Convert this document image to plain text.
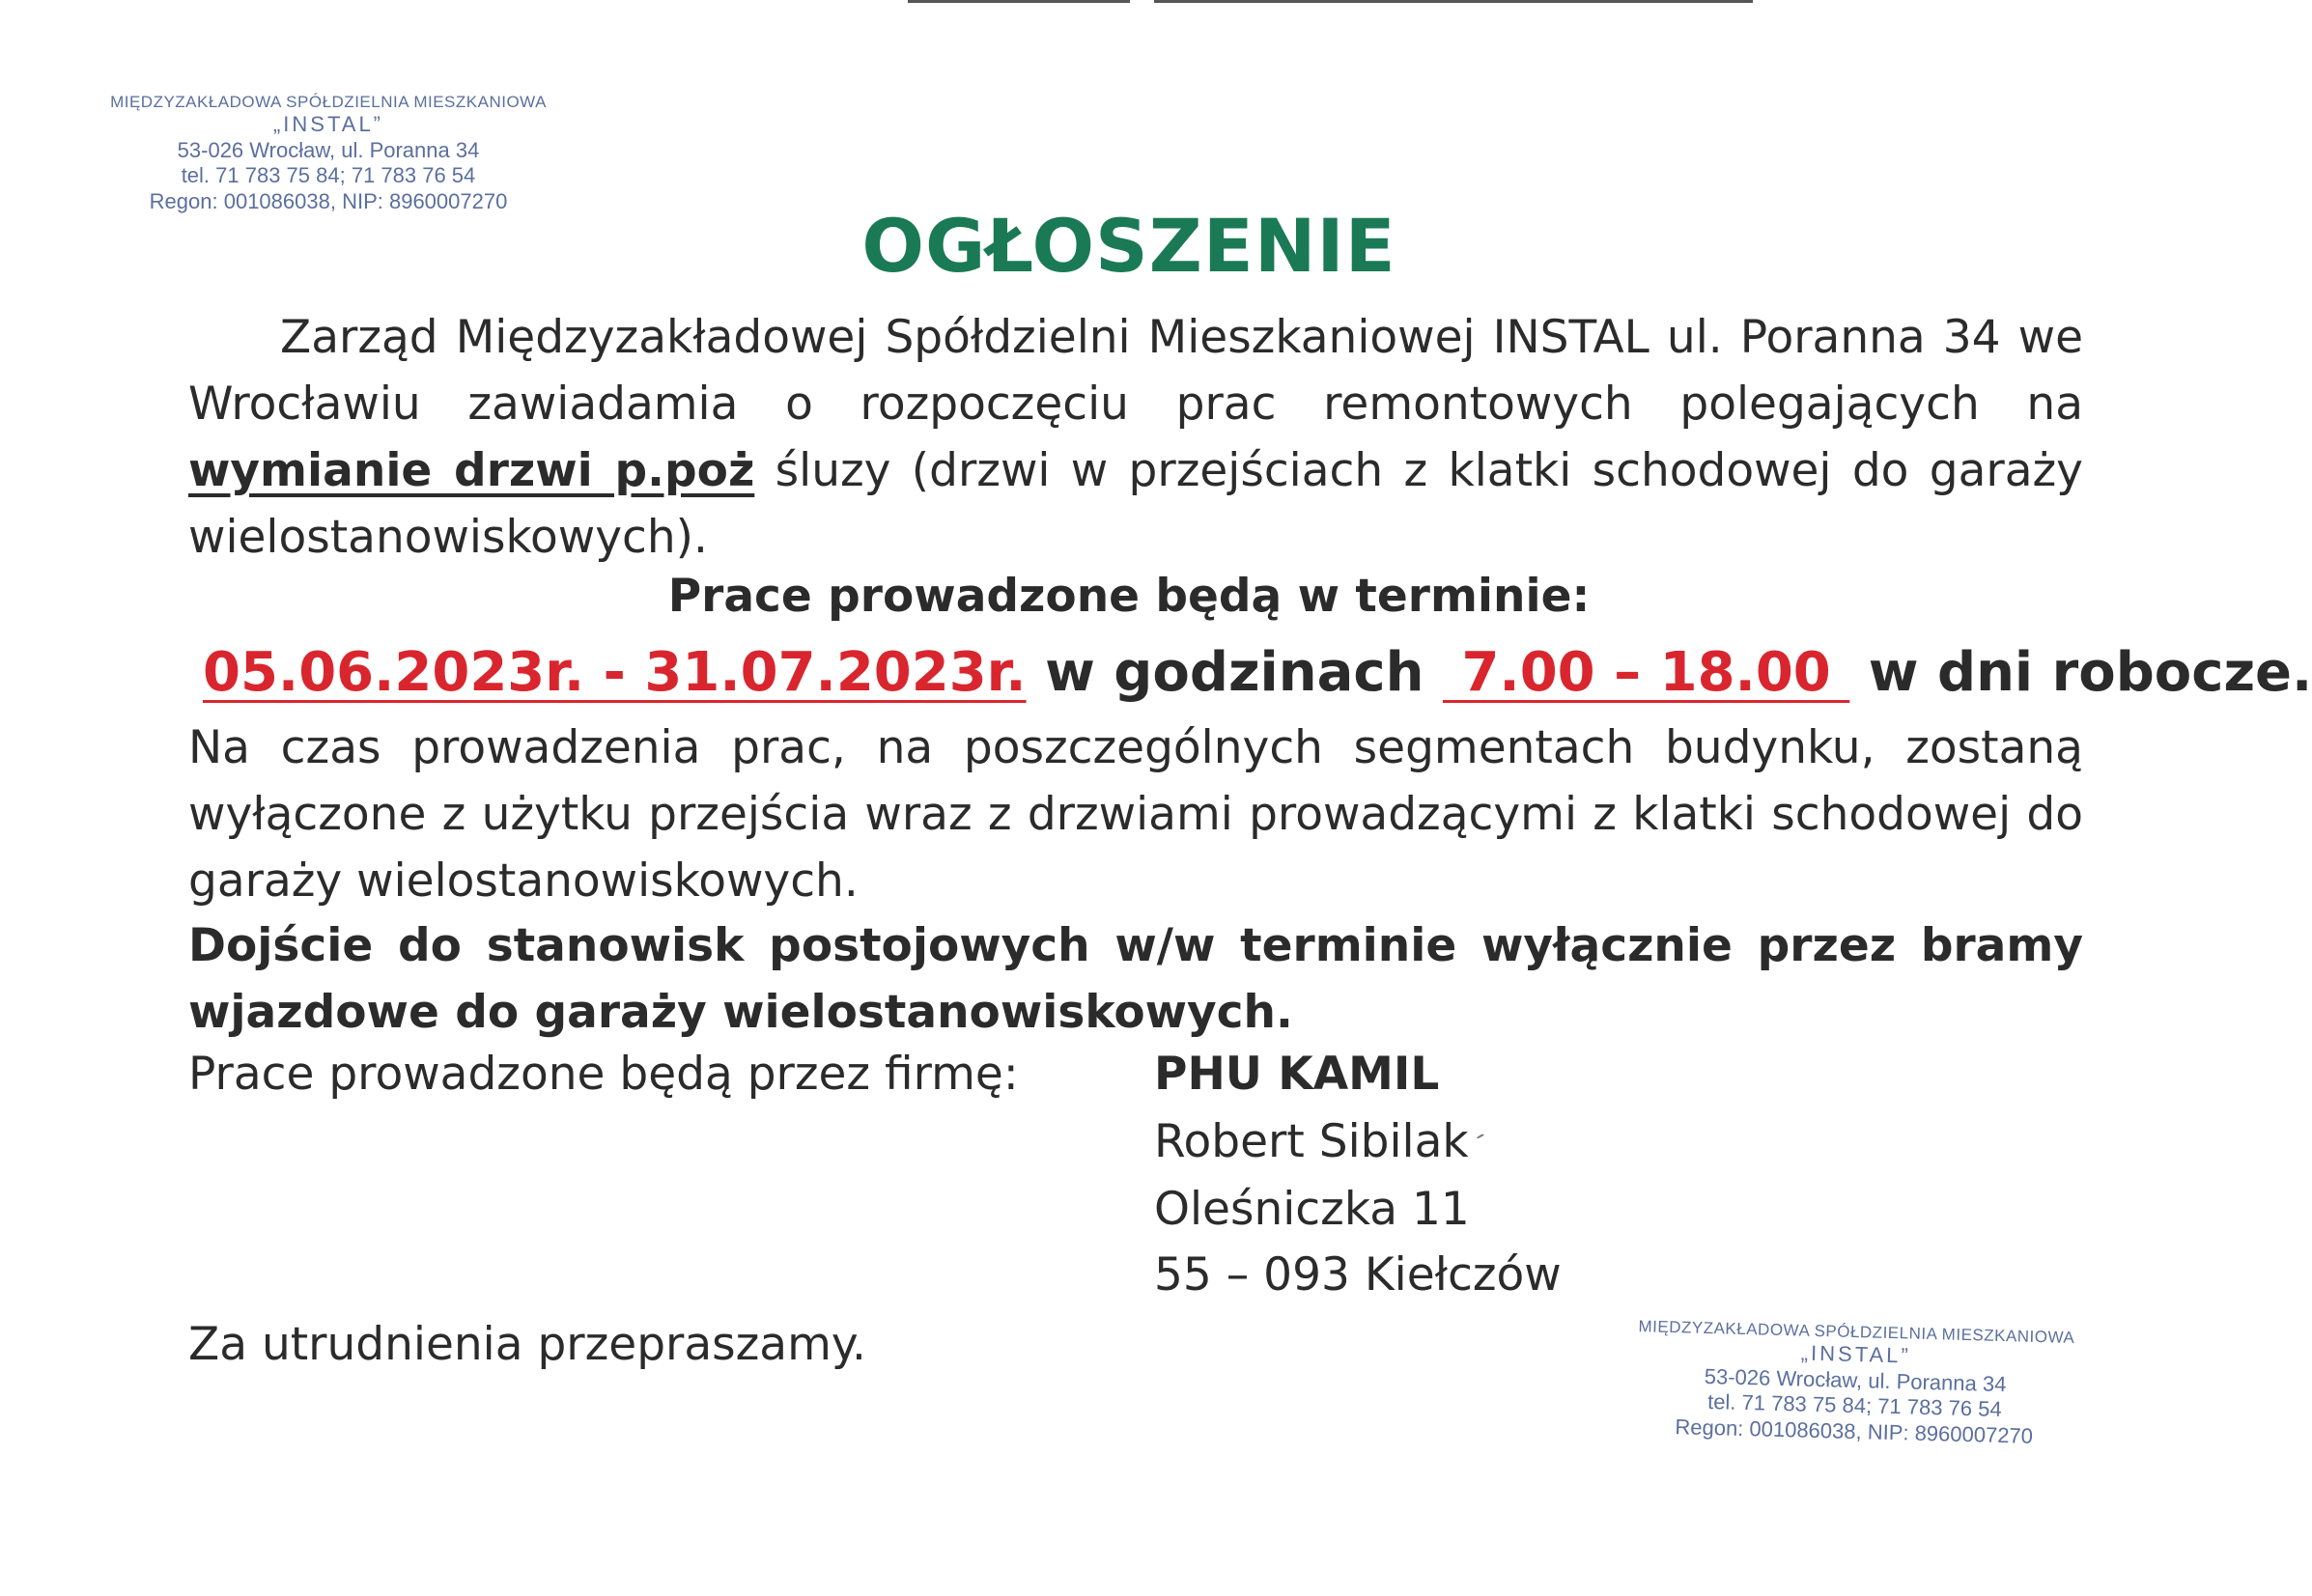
MIĘDZYZAKŁADOWA SPÓŁDZIELNIA MIESZKANIOWA
„INSTAL”
53-026 Wrocław, ul. Poranna 34
tel. 71 783 75 84; 71 783 76 54
Regon: 001086038, NIP: 8960007270
OGŁOSZENIE
Zarząd Międzyzakładowej Spółdzielni Mieszkaniowej INSTAL ul. Poranna 34 we Wrocławiu zawiadamia o rozpoczęciu prac remontowych polegających na wymianie drzwi p.poż śluzy (drzwi w przejściach z klatki schodowej do garaży wielostanowiskowych).
Prace prowadzone będą w terminie:
05.06.2023r. - 31.07.2023r. w godzinach  7.00 – 18.00  w dni robocze.
Na czas prowadzenia prac, na poszczególnych segmentach budynku, zostaną wyłączone z użytku przejścia wraz z drzwiami prowadzącymi z klatki schodowej do garaży wielostanowiskowych.
Dojście do stanowisk postojowych w/w terminie wyłącznie przez bramy wjazdowe do garaży wielostanowiskowych.
Prace prowadzone będą przez firmę:	PHU KAMIL
Robert Sibilak
´
Oleśniczka 11
55 – 093 Kiełczów
Za utrudnienia przepraszamy.	MIĘDZYZAKŁADOWA SPÓŁDZIELNIA MIESZKANIOWA
„INSTAL”
53-026 Wrocław, ul. Poranna 34
tel. 71 783 75 84; 71 783 76 54
Regon: 001086038, NIP: 8960007270
